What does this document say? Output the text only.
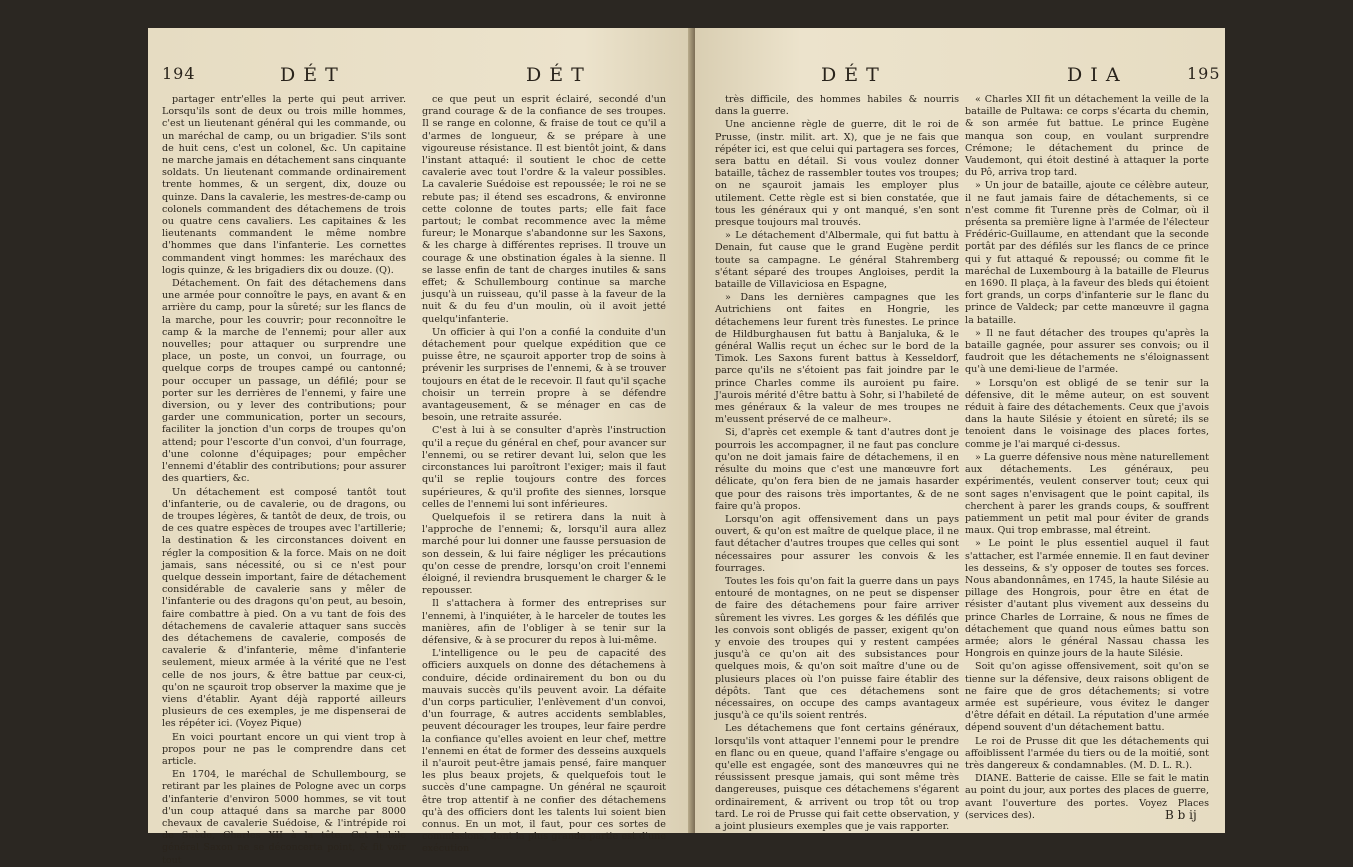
194	D É T	D É T

partager entr'elles la perte qui peut arriver. Lorsqu'ils sont de deux ou trois mille hommes, c'est un lieutenant général qui les commande, ou un maréchal de camp, ou un brigadier. S'ils sont de huit cens, c'est un colonel, &c. Un capitaine ne marche jamais en détachement sans cinquante soldats. Un lieutenant commande ordinairement trente hommes, & un sergent, dix, douze ou quinze. Dans la cavalerie, les mestres-de-camp ou colonels commandent des détachemens de trois ou quatre cens cavaliers. Les capitaines & les lieutenants commandent le même nombre d'hommes que dans l'infanterie. Les cornettes commandent vingt hommes: les maréchaux des logis quinze, & les brigadiers dix ou douze. (Q).

Détachement. On fait des détachemens dans une armée pour connoître le pays, en avant & en arrière du camp, pour la sûreté; sur les flancs de la marche, pour les couvrir; pour reconnoître le camp & la marche de l'ennemi; pour aller aux nouvelles; pour attaquer ou surprendre une place, un poste, un convoi, un fourrage, ou quelque corps de troupes campé ou cantonné; pour occuper un passage, un défilé; pour se porter sur les derrières de l'ennemi, y faire une diversion, ou y lever des contributions; pour garder une communication, porter un secours, faciliter la jonction d'un corps de troupes qu'on attend; pour l'escorte d'un convoi, d'un fourrage, d'une colonne d'équipages; pour empêcher l'ennemi d'établir des contributions; pour assurer des quartiers, &c.

Un détachement est composé tantôt tout d'infanterie, ou de cavalerie, ou de dragons, ou de troupes légères, & tantôt de deux, de trois, ou de ces quatre espèces de troupes avec l'artillerie; la destination & les circonstances doivent en régler la composition & la force. Mais on ne doit jamais, sans nécessité, ou si ce n'est pour quelque dessein important, faire de détachement considérable de cavalerie sans y mêler de l'infanterie ou des dragons qu'on peut, au besoin, faire combattre à pied. On a vu tant de fois des détachemens de cavalerie attaquer sans succès des détachemens de cavalerie, composés de cavalerie & d'infanterie, même d'infanterie seulement, mieux armée à la vérité que ne l'est celle de nos jours, & être battue par ceux-ci, qu'on ne sçauroit trop observer la maxime que je viens d'établir. Ayant déjà rapporté ailleurs plusieurs de ces exemples, je me dispenserai de les répéter ici. (Voyez Pique)

En voici pourtant encore un qui vient trop à propos pour ne pas le comprendre dans cet article.

En 1704, le maréchal de Schullembourg, se retirant par les plaines de Pologne avec un corps d'infanterie d'environ 5000 hommes, se vit tout d'un coup attaqué dans sa marche par 8000 chevaux de cavalerie Suédoise, & l'intrépide roi de Suède, Charles XII à la tête. Cet habile général Saxon ne se déconcerta point, & fit voir tout

ce que peut un esprit éclairé, secondé d'un grand courage & de la confiance de ses troupes. Il se range en colonne, & fraise de tout ce qu'il a d'armes de longueur, & se prépare à une vigoureuse résistance. Il est bientôt joint, & dans l'instant attaqué: il soutient le choc de cette cavalerie avec tout l'ordre & la valeur possibles. La cavalerie Suédoise est repoussée; le roi ne se rebute pas; il étend ses escadrons, & environne cette colonne de toutes parts; elle fait face partout; le combat recommence avec la même fureur; le Monarque s'abandonne sur les Saxons, & les charge à différentes reprises. Il trouve un courage & une obstination égales à la sienne. Il se lasse enfin de tant de charges inutiles & sans effet; & Schullembourg continue sa marche jusqu'à un ruisseau, qu'il passe à la faveur de la nuit & du feu d'un moulin, où il avoit jetté quelqu'infanterie.

Un officier à qui l'on a confié la conduite d'un détachement pour quelque expédition que ce puisse être, ne sçauroit apporter trop de soins à prévenir les surprises de l'ennemi, & à se trouver toujours en état de le recevoir. Il faut qu'il sçache choisir un terrein propre à se défendre avantageusement, & se ménager en cas de besoin, une retraite assurée.

C'est à lui à se consulter d'après l'instruction qu'il a reçue du général en chef, pour avancer sur l'ennemi, ou se retirer devant lui, selon que les circonstances lui paroîtront l'exiger; mais il faut qu'il se replie toujours contre des forces supérieures, & qu'il profite des siennes, lorsque celles de l'ennemi lui sont inférieures.

Quelquefois il se retirera dans la nuit à l'approche de l'ennemi; &, lorsqu'il aura allez marché pour lui donner une fausse persuasion de son dessein, & lui faire négliger les précautions qu'on cesse de prendre, lorsqu'on croit l'ennemi éloigné, il reviendra brusquement le charger & le repousser.

Il s'attachera à former des entreprises sur l'ennemi, à l'inquiéter, à le harceler de toutes les manières, afin de l'obliger à se tenir sur la défensive, & à se procurer du repos à lui-même.

L'intelligence ou le peu de capacité des officiers auxquels on donne des détachemens à conduire, décide ordinairement du bon ou du mauvais succès qu'ils peuvent avoir. La défaite d'un corps particulier, l'enlèvement d'un convoi, d'un fourrage, & autres accidents semblables, peuvent décourager les troupes, leur faire perdre la confiance qu'elles avoient en leur chef, mettre l'ennemi en état de former des desseins auxquels il n'auroit peut-être jamais pensé, faire manquer les plus beaux projets, & quelquefois tout le succès d'une campagne. Un général ne sçauroit être trop attentif à ne confier des détachemens qu'à des officiers dont les talents lui soient bien connus. En un mot, il faut, pour ces sortes de commissions, dont la plus grande partie est d'une exécution

D É T	D I A	195

très difficile, des hommes habiles & nourris dans la guerre.

Une ancienne règle de guerre, dit le roi de Prusse, (instr. milit. art. X), que je ne fais que répéter ici, est que celui qui partagera ses forces, sera battu en détail. Si vous voulez donner bataille, tâchez de rassembler toutes vos troupes; on ne sçauroit jamais les employer plus utilement. Cette règle est si bien constatée, que tous les généraux qui y ont manqué, s'en sont presque toujours mal trouvés.

» Le détachement d'Albermale, qui fut battu à Denain, fut cause que le grand Eugène perdit toute sa campagne. Le général Stahremberg s'étant séparé des troupes Angloises, perdit la bataille de Villaviciosa en Espagne,

» Dans les dernières campagnes que les Autrichiens ont faites en Hongrie, les détachemens leur furent très funestes. Le prince de Hildburghausen fut battu à Banjaluka, & le général Wallis reçut un échec sur le bord de la Timok. Les Saxons furent battus à Kesseldorf, parce qu'ils ne s'étoient pas fait joindre par le prince Charles comme ils auroient pu faire. J'aurois mérité d'être battu à Sohr, si l'habileté de mes généraux & la valeur de mes troupes ne m'eussent préservé de ce malheur».

Si, d'après cet exemple & tant d'autres dont je pourrois les accompagner, il ne faut pas conclure qu'on ne doit jamais faire de détachemens, il en résulte du moins que c'est une manœuvre fort délicate, qu'on fera bien de ne jamais hasarder que pour des raisons très importantes, & de ne faire qu'à propos.

Lorsqu'on agit offensivement dans un pays ouvert, & qu'on est maître de quelque place, il ne faut détacher d'autres troupes que celles qui sont nécessaires pour assurer les convois & les fourrages.

Toutes les fois qu'on fait la guerre dans un pays entouré de montagnes, on ne peut se dispenser de faire des détachemens pour faire arriver sûrement les vivres. Les gorges & les défilés que les convois sont obligés de passer, exigent qu'on y envoie des troupes qui y restent campées jusqu'à ce qu'on ait des subsistances pour quelques mois, & qu'on soit maître d'une ou de plusieurs places où l'on puisse faire établir des dépôts. Tant que ces détachemens sont nécessaires, on occupe des camps avantageux jusqu'à ce qu'ils soient rentrés.

Les détachemens que font certains généraux, lorsqu'ils vont attaquer l'ennemi pour le prendre en flanc ou en queue, quand l'affaire s'engage ou qu'elle est engagée, sont des manœuvres qui ne réussissent presque jamais, qui sont même très dangereuses, puisque ces détachemens s'égarent ordinairement, & arrivent ou trop tôt ou trop tard. Le roi de Prusse qui fait cette observation, y a joint plusieurs exemples que je vais rapporter.

« Charles XII fit un détachement la veille de la bataille de Pultawa: ce corps s'écarta du chemin, & son armée fut battue. Le prince Eugène manqua son coup, en voulant surprendre Crémone; le détachement du prince de Vaudemont, qui étoit destiné à attaquer la porte du Pô, arriva trop tard.

» Un jour de bataille, ajoute ce célèbre auteur, il ne faut jamais faire de détachements, si ce n'est comme fit Turenne près de Colmar, où il présenta sa première ligne à l'armée de l'électeur Frédéric-Guillaume, en attendant que la seconde portât par des défilés sur les flancs de ce prince qui y fut attaqué & repoussé; ou comme fit le maréchal de Luxembourg à la bataille de Fleurus en 1690. Il plaça, à la faveur des bleds qui étoient fort grands, un corps d'infanterie sur le flanc du prince de Valdeck; par cette manœuvre il gagna la bataille.

» Il ne faut détacher des troupes qu'après la bataille gagnée, pour assurer ses convois; ou il faudroit que les détachements ne s'éloignassent qu'à une demi-lieue de l'armée.

» Lorsqu'on est obligé de se tenir sur la défensive, dit le même auteur, on est souvent réduit à faire des détachements. Ceux que j'avois dans la haute Silésie y étoient en sûreté; ils se tenoient dans le voisinage des places fortes, comme je l'ai marqué ci-dessus.

» La guerre défensive nous mène naturellement aux détachements. Les généraux, peu expérimentés, veulent conserver tout; ceux qui sont sages n'envisagent que le point capital, ils cherchent à parer les grands coups, & souffrent patiemment un petit mal pour éviter de grands maux. Qui trop embrasse, mal étreint.

» Le point le plus essentiel auquel il faut s'attacher, est l'armée ennemie. Il en faut deviner les desseins, & s'y opposer de toutes ses forces. Nous abandonnâmes, en 1745, la haute Silésie au pillage des Hongrois, pour être en état de résister d'autant plus vivement aux desseins du prince Charles de Lorraine, & nous ne fîmes de détachement que quand nous eûmes battu son armée; alors le général Nassau chassa les Hongrois en quinze jours de la haute Silésie.

Soit qu'on agisse offensivement, soit qu'on se tienne sur la défensive, deux raisons obligent de ne faire que de gros détachements; si votre armée est supérieure, vous évitez le danger d'être défait en détail. La réputation d'une armée dépend souvent d'un détachement battu.

Le roi de Prusse dit que les détachements qui affoiblissent l'armée du tiers ou de la moitié, sont très dangereux & condamnables. (M. D. L. R.).

DIANE. Batterie de caisse. Elle se fait le matin au point du jour, aux portes des places de guerre, avant l'ouverture des portes. Voyez Places (services des).	B b ij
